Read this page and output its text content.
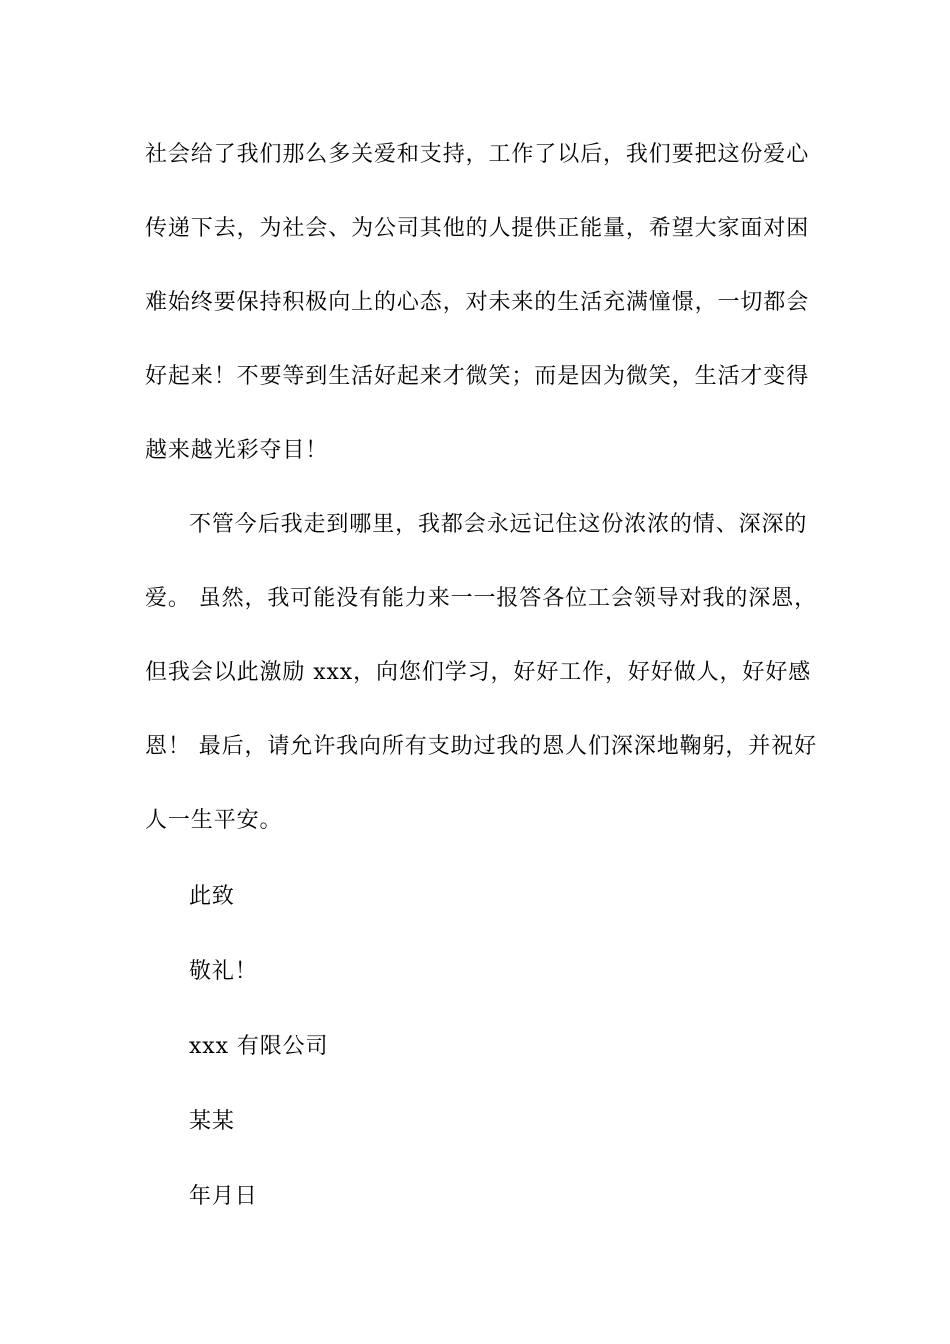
社会给了我们那么多关爱和支持，工作了以后，我们要把这份爱心
传递下去，为社会、为公司其他的人提供正能量，希望大家面对困
难始终要保持积极向上的心态，对未来的生活充满憧憬，一切都会
好起来！不要等到生活好起来才微笑；而是因为微笑，生活才变得
越来越光彩夺目！
不管今后我走到哪里，我都会永远记住这份浓浓的情、深深的
爱。 虽然，我可能没有能力来一一报答各位工会领导对我的深恩，
但我会以此激励 xxx，向您们学习，好好工作，好好做人，好好感
恩！ 最后，请允许我向所有支助过我的恩人们深深地鞠躬，并祝好
人一生平安。
此致
敬礼！
xxx 有限公司
某某
年月日
